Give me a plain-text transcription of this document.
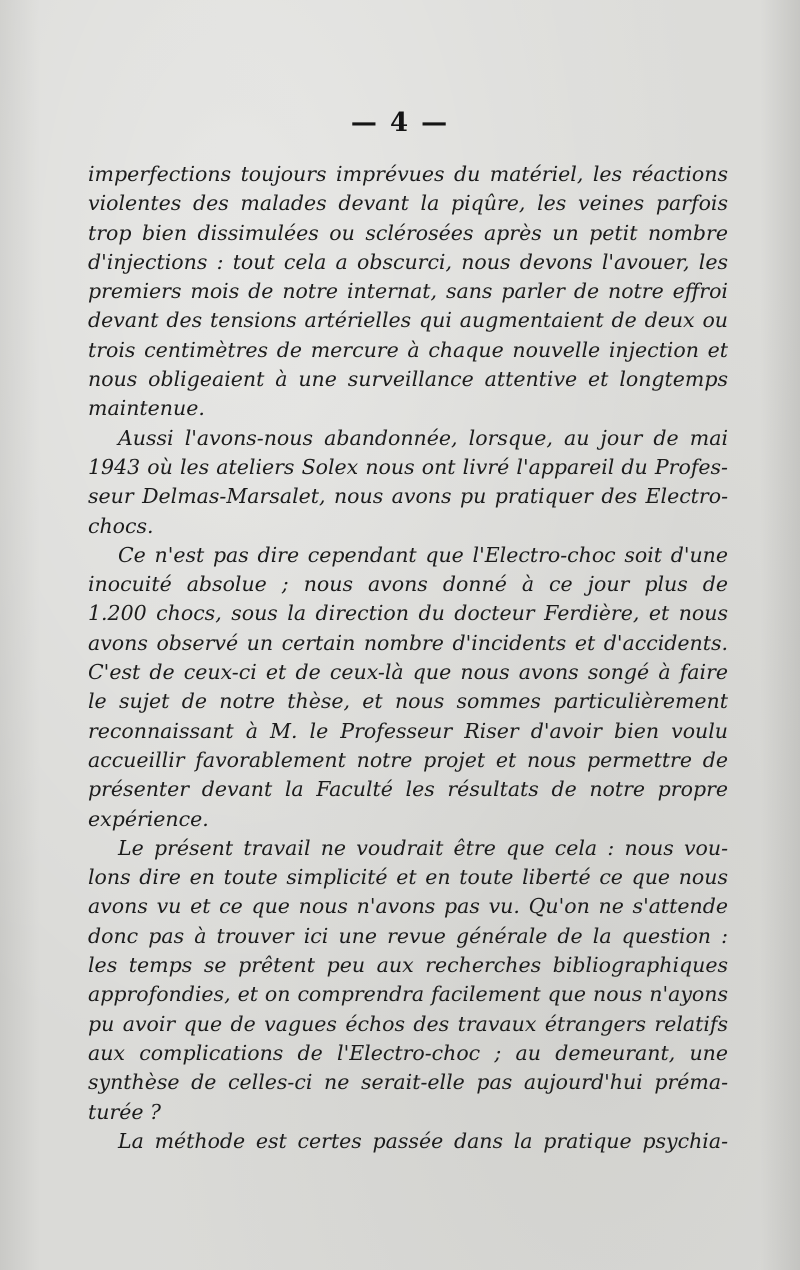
— 4 —
imperfections toujours imprévues du matériel, les réactions
violentes des malades devant la piqûre, les veines parfois
trop bien dissimulées ou sclérosées après un petit nombre
d'injections : tout cela a obscurci, nous devons l'avouer, les
premiers mois de notre internat, sans parler de notre effroi
devant des tensions artérielles qui augmentaient de deux ou
trois centimètres de mercure à chaque nouvelle injection et
nous obligeaient à une surveillance attentive et longtemps
maintenue.
Aussi l'avons-nous abandonnée, lorsque, au jour de mai
1943 où les ateliers Solex nous ont livré l'appareil du Profes-
seur Delmas-Marsalet, nous avons pu pratiquer des Electro-
chocs.
Ce n'est pas dire cependant que l'Electro-choc soit d'une
inocuité absolue ; nous avons donné à ce jour plus de
1.200 chocs, sous la direction du docteur Ferdière, et nous
avons observé un certain nombre d'incidents et d'accidents.
C'est de ceux-ci et de ceux-là que nous avons songé à faire
le sujet de notre thèse, et nous sommes particulièrement
reconnaissant à M. le Professeur Riser d'avoir bien voulu
accueillir favorablement notre projet et nous permettre de
présenter devant la Faculté les résultats de notre propre
expérience.
Le présent travail ne voudrait être que cela : nous vou-
lons dire en toute simplicité et en toute liberté ce que nous
avons vu et ce que nous n'avons pas vu. Qu'on ne s'attende
donc pas à trouver ici une revue générale de la question :
les temps se prêtent peu aux recherches bibliographiques
approfondies, et on comprendra facilement que nous n'ayons
pu avoir que de vagues échos des travaux étrangers relatifs
aux complications de l'Electro-choc ; au demeurant, une
synthèse de celles-ci ne serait-elle pas aujourd'hui préma-
turée ?
La méthode est certes passée dans la pratique psychia-
